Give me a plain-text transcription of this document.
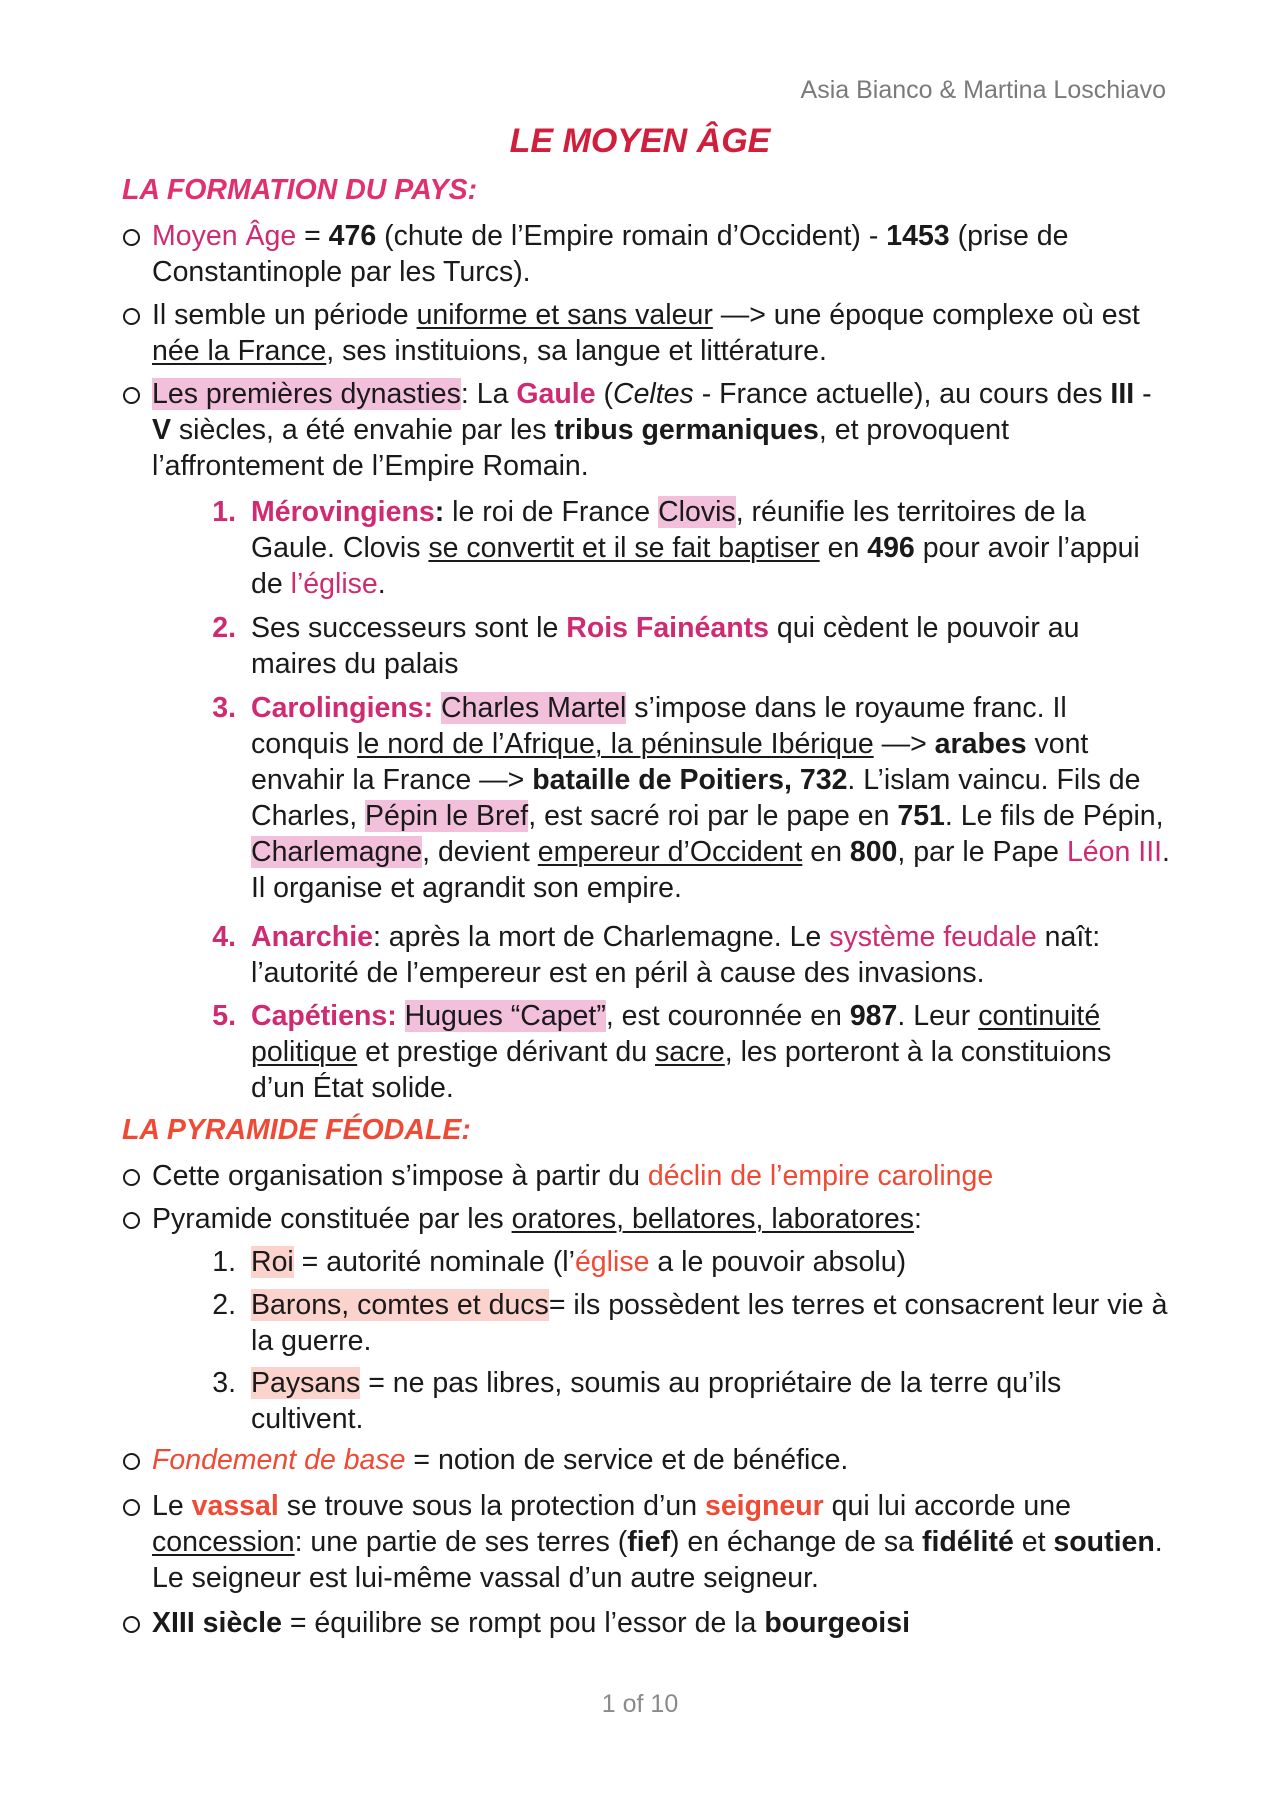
Asia Bianco & Martina Loschiavo
LE MOYEN ÂGE
LA FORMATION DU PAYS:
Moyen Âge = 476 (chute de l’Empire romain d’Occident) - 1453 (prise de Constantinople par les Turcs).
Il semble un période uniforme et sans valeur —> une époque complexe où est née la France, ses instituions, sa langue et littérature.
Les premières dynasties: La Gaule (Celtes - France actuelle), au cours des III - V siècles, a été envahie par les tribus germaniques, et provoquent l’affrontement de l’Empire Romain.
1. Mérovingiens: le roi de France Clovis, réunifie les territoires de la Gaule. Clovis se convertit et il se fait baptiser en 496 pour avoir l’appui de l’église.
2. Ses successeurs sont le Rois Fainéants qui cèdent le pouvoir au maires du palais
3. Carolingiens: Charles Martel s’impose dans le royaume franc. Il conquis le nord de l’Afrique, la péninsule Ibérique —> arabes vont envahir la France —> bataille de Poitiers, 732. L’islam vaincu. Fils de Charles, Pépin le Bref, est sacré roi par le pape en 751. Le fils de Pépin, Charlemagne, devient empereur d’Occident en 800, par le Pape Léon III. Il organise et agrandit son empire.
4. Anarchie: après la mort de Charlemagne. Le système feudale naît: l’autorité de l’empereur est en péril à cause des invasions.
5. Capétiens: Hugues “Capet”, est couronnée en 987. Leur continuité politique et prestige dérivant du sacre, les porteront à la constituions d’un État solide.
LA PYRAMIDE FÉODALE:
Cette organisation s’impose à partir du déclin de l’empire carolinge
Pyramide constituée par les oratores, bellatores, laboratores:
1. Roi = autorité nominale (l’église a le pouvoir absolu)
2. Barons, comtes et ducs= ils possèdent les terres et consacrent leur vie à la guerre.
3. Paysans = ne pas libres, soumis au propriétaire de la terre qu’ils cultivent.
Fondement de base = notion de service et de bénéfice.
Le vassal se trouve sous la protection d’un seigneur qui lui accorde une concession: une partie de ses terres (fief) en échange de sa fidélité et soutien. Le seigneur est lui-même vassal d’un autre seigneur.
XIII siècle = équilibre se rompt pou l’essor de la bourgeoisi
1 of 10
